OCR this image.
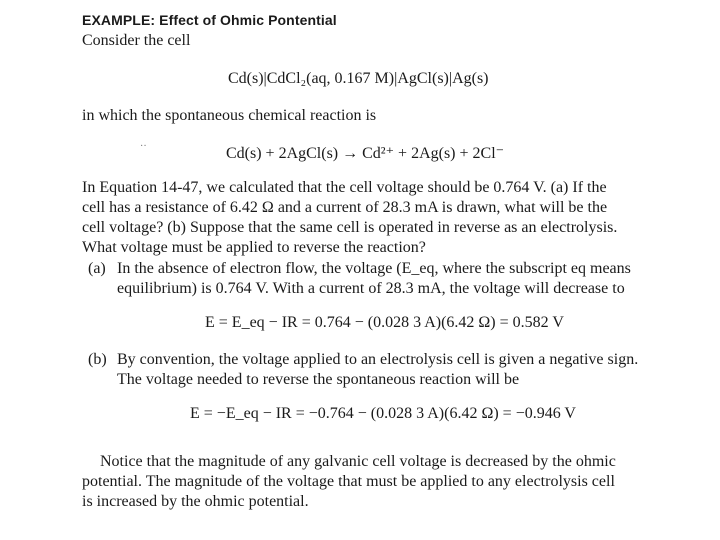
EXAMPLE: Effect of Ohmic Pontential
Consider the cell
Cd(s)|CdCl₂(aq, 0.167 M)|AgCl(s)|Ag(s)
in which the spontaneous chemical reaction is
··	Cd(s) + 2AgCl(s) → Cd²⁺ + 2Ag(s) + 2Cl⁻
In Equation 14-47, we calculated that the cell voltage should be 0.764 V. (a) If the
cell has a resistance of 6.42 Ω and a current of 28.3 mA is drawn, what will be the
cell voltage? (b) Suppose that the same cell is operated in reverse as an electrolysis.
What voltage must be applied to reverse the reaction?
(a) In the absence of electron flow, the voltage (E_eq, where the subscript eq means
equilibrium) is 0.764 V. With a current of 28.3 mA, the voltage will decrease to
E = E_eq − IR = 0.764 − (0.028 3 A)(6.42 Ω) = 0.582 V
(b) By convention, the voltage applied to an electrolysis cell is given a negative sign.
The voltage needed to reverse the spontaneous reaction will be
E = −E_eq − IR = −0.764 − (0.028 3 A)(6.42 Ω) = −0.946 V
Notice that the magnitude of any galvanic cell voltage is decreased by the ohmic
potential. The magnitude of the voltage that must be applied to any electrolysis cell
is increased by the ohmic potential.
